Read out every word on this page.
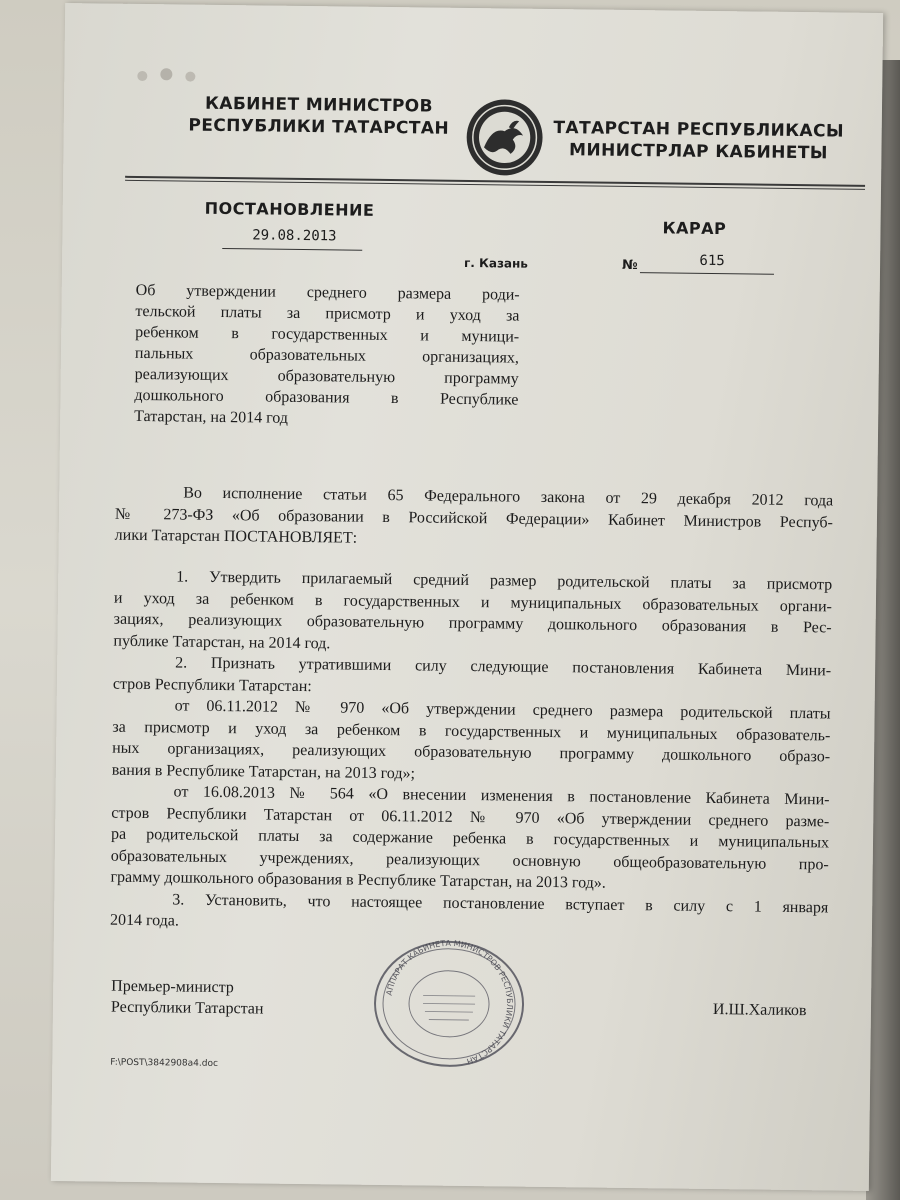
КАБИНЕТ МИНИСТРОВ
РЕСПУБЛИКИ ТАТАРСТАН	ТАТАРСТАН РЕСПУБЛИКАСЫ
МИНИСТРЛАР КАБИНЕТЫ
ПОСТАНОВЛЕНИЕ
КАРАР
29.08.2013
г. Казань	№	615
Об утверждении среднего размера роди-
тельской платы за присмотр и уход за
ребенком в государственных и муници-
пальных образовательных организациях,
реализующих образовательную программу
дошкольного образования в Республике
Татарстан, на 2014 год
Во исполнение статьи 65 Федерального закона от 29 декабря 2012 года
№ 273-ФЗ «Об образовании в Российской Федерации» Кабинет Министров Респуб-
лики Татарстан ПОСТАНОВЛЯЕТ:
1. Утвердить прилагаемый средний размер родительской платы за присмотр
и уход за ребенком в государственных и муниципальных образовательных органи-
зациях, реализующих образовательную программу дошкольного образования в Рес-
публике Татарстан, на 2014 год.
2. Признать утратившими силу следующие постановления Кабинета Мини-
стров Республики Татарстан:
от 06.11.2012 № 970 «Об утверждении среднего размера родительской платы
за присмотр и уход за ребенком в государственных и муниципальных образователь-
ных организациях, реализующих образовательную программу дошкольного образо-
вания в Республике Татарстан, на 2013 год»;
от 16.08.2013 № 564 «О внесении изменения в постановление Кабинета Мини-
стров Республики Татарстан от 06.11.2012 № 970 «Об утверждении среднего разме-
ра родительской платы за содержание ребенка в государственных и муниципальных
образовательных учреждениях, реализующих основную общеобразовательную про-
грамму дошкольного образования в Республике Татарстан, на 2013 год».
3. Установить, что настоящее постановление вступает в силу с 1 января
2014 года.
АППАРАТ КАБИНЕТА МИНИСТРОВ РЕСПУБЛИКИ ТАТАРСТАН
Премьер-министр
Республики Татарстан	И.Ш.Халиков
F:\POST\3842908a4.doc
